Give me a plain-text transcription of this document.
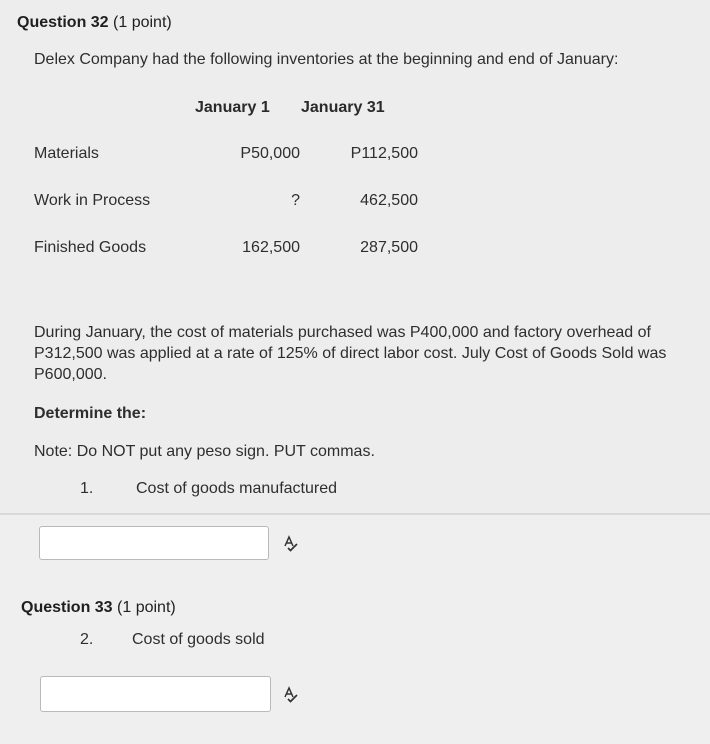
Question 32 (1 point)
Delex Company had the following inventories at the beginning and end of January:
January 1 January 31
Materials	P50,000	P112,500
Work in Process	?	462,500
Finished Goods	162,500	287,500
During January, the cost of materials purchased was P400,000 and factory overhead of P312,500 was applied at a rate of 125% of direct labor cost. July Cost of Goods Sold was P600,000.
Determine the:
Note: Do NOT put any peso sign. PUT commas.
1.	Cost of goods manufactured
Question 33 (1 point)
2. Cost of goods sold
